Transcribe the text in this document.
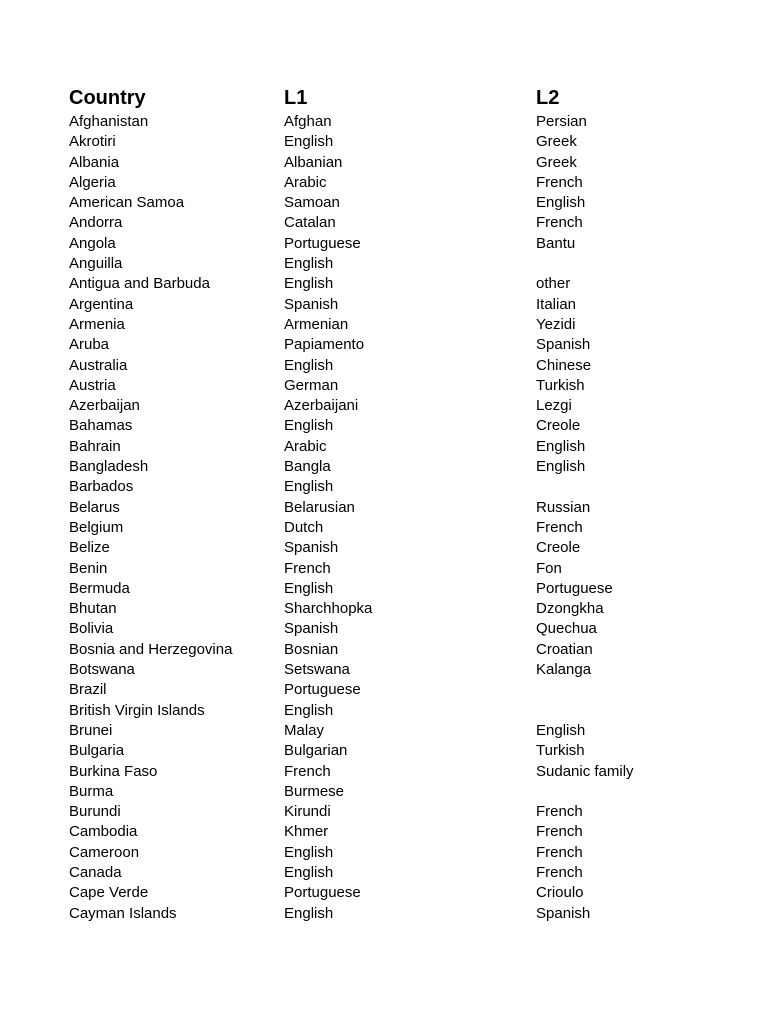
Country	L1	L2
Afghanistan	Afghan	Persian
Akrotiri	English	Greek
Albania	Albanian	Greek
Algeria	Arabic	French
American Samoa	Samoan	English
Andorra	Catalan	French
Angola	Portuguese	Bantu
Anguilla	English	
Antigua and Barbuda	English	other
Argentina	Spanish	Italian
Armenia	Armenian	Yezidi
Aruba	Papiamento	Spanish
Australia	English	Chinese
Austria	German	Turkish
Azerbaijan	Azerbaijani	Lezgi
Bahamas	English	Creole
Bahrain	Arabic	English
Bangladesh	Bangla	English
Barbados	English	
Belarus	Belarusian	Russian
Belgium	Dutch	French
Belize	Spanish	Creole
Benin	French	Fon
Bermuda	English	Portuguese
Bhutan	Sharchhopka	Dzongkha
Bolivia	Spanish	Quechua
Bosnia and Herzegovina	Bosnian	Croatian
Botswana	Setswana	Kalanga
Brazil	Portuguese	
British Virgin Islands	English	
Brunei	Malay	English
Bulgaria	Bulgarian	Turkish
Burkina Faso	French	Sudanic family
Burma	Burmese	
Burundi	Kirundi	French
Cambodia	Khmer	French
Cameroon	English	French
Canada	English	French
Cape Verde	Portuguese	Crioulo
Cayman Islands	English	Spanish
